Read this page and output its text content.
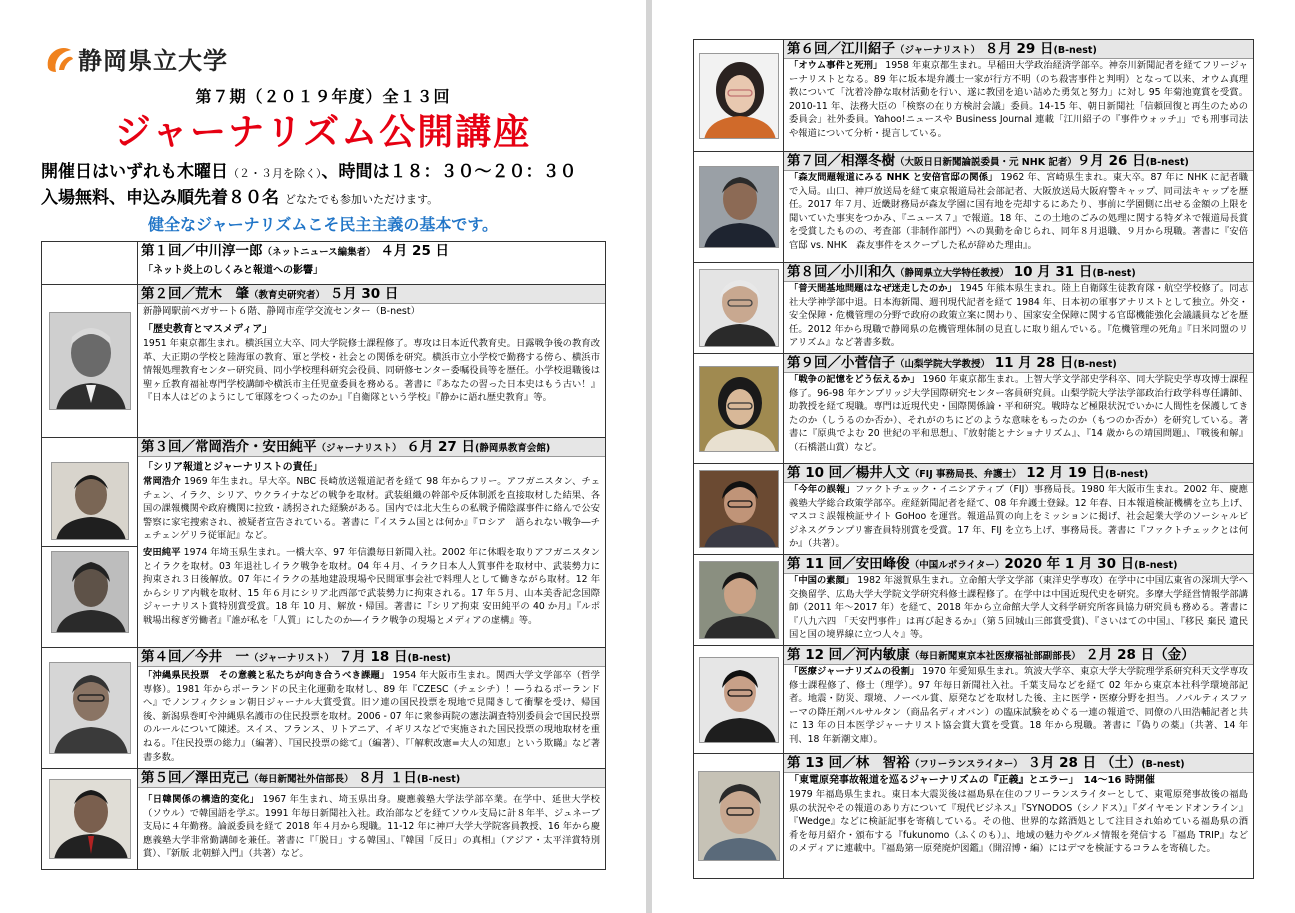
静岡県立大学
第７期（２０１９年度）全１３回
ジャーナリズム公開講座
開催日はいずれも木曜日（２・３月を除く）、時間は１８：３０～２０：３０
入場無料、申込み順先着８０名 どなたでも参加いただけます。
健全なジャーナリズムこそ民主主義の基本です。

	第１回／中川淳一郎（ネットニュース編集者） ４月 25 日
「ネット炎上のしくみと報道への影響」

第２回／荒木　肇（教育史研究者） ５月 30 日
新静岡駅前ペガサート６階、静岡市産学交流センター（B-nest）
「歴史教育とマスメディア」
1951 年東京都生まれ。横浜国立大卒、同大学院修士課程修了。専攻は日本近代教育史。日露戦争後の教育改革、大正期の学校と陸海軍の教育、軍と学校・社会との関係を研究。横浜市立小学校で勤務する傍ら、横浜市情報処理教育センター研究員、同小学校理科研究会役員、同研修センター委嘱役員等を歴任。小学校退職後は聖ヶ丘教育福祉専門学校講師や横浜市主任児童委員を務める。著書に『あなたの習った日本史はもう古い！』『日本人はどのようにして軍隊をつくったのか』『自衛隊という学校』『静かに語れ歴史教育』等。

第３回／常岡浩介・安田純平（ジャーナリスト） ６月 27 日(静岡県教育会館)
「シリア報道とジャーナリストの責任」
常岡浩介 1969 年生まれ。早大卒。NBC 長崎放送報道記者を経て 98 年からフリー。アフガニスタン、チェチェン、イラク、シリア、ウクライナなどの戦争を取材。武装組織の幹部や反体制派を直接取材した結果、各国の課報機関や政府機関に拉致・誘拐された経験がある。国内では北大生らの私戦予備陰謀事件に絡んで公安警察に家宅捜索され、被疑者宣告されている。著書に『イスラム国とは何か』『ロシア　語られない戦争―チェチェンゲリラ従軍記』など。
安田純平 1974 年埼玉県生まれ。一橋大卒、97 年信濃毎日新聞入社。2002 年に休暇を取りアフガニスタンとイラクを取材。03 年退社しイラク戦争を取材。04 年４月、イラク日本人人質事件を取材中、武装勢力に拘束され３日後解放。07 年にイラクの基地建設現場や民間軍事会社で料理人として働きながら取材。12 年からシリア内戦を取材、15 年６月にシリア北西部で武装勢力に拘束される。17 年５月、山本美香記念国際ジャーナリスト賞特別賞受賞。18 年 10 月、解放・帰国。著書に『シリア拘束 安田純平の 40 か月』『ルポ 戦場出稼ぎ労働者』『誰が私を「人質」にしたのか―イラク戦争の現場とメディアの虚構』等。

第４回／今井　一（ジャーナリスト） ７月 18 日(B-nest)
「沖縄県民投票　その意義と私たちが向き合うべき課題」 1954 年大阪市生まれ。関西大学文学部卒（哲学専修）。1981 年からポーランドの民主化運動を取材し、89 年『CZESC（チェシチ）！―うねるポーランドへ』でノンフィクション朝日ジャーナル大賞受賞。旧ソ連の国民投票を現地で見聞きして衝撃を受け、帰国後、新潟県巻町や沖縄県名護市の住民投票を取材。2006 - 07 年に衆参両院の憲法調査特別委員会で国民投票のルールについて陳述。スイス、フランス、リトアニア、イギリスなどで実施された国民投票の現地取材を重ねる。『住民投票の総力』（編著）、『国民投票の総て』（編著）、『「解釈改憲=大人の知恵」という欺瞞』など著書多数。

第５回／澤田克己（毎日新聞社外信部長） ８月 １日(B-nest)
「日韓関係の構造的変化」 1967 年生まれ、埼玉県出身。慶應義塾大学法学部卒業。在学中、延世大学校（ソウル）で韓国語を学ぶ。1991 年毎日新聞社入社。政治部などを経てソウル支局に計８年半、ジュネーブ支局に４年勤務。論説委員を経て 2018 年４月から現職。11-12 年に神戸大学大学院客員教授、16 年から慶應義塾大学非常勤講師を兼任。著書に『「脱日」する韓国』、『韓国「反日」の真相』（アジア・太平洋賞特別賞）、『新版 北朝鮮入門』（共著）など。

第６回／江川紹子（ジャーナリスト） ８月 29 日(B-nest)
「オウム事件と死刑」 1958 年東京都生まれ。早稲田大学政治経済学部卒。神奈川新聞記者を経てフリージャーナリストとなる。89 年に坂本堤弁護士一家が行方不明（のち殺害事件と判明）となって以来、オウム真理教について「沈着冷静な取材活動を行い、遂に教団を追い詰めた勇気と努力」に対し 95 年菊池寛賞を受賞。2010-11 年、法務大臣の「検察の在り方検討会議」委員。14-15 年、朝日新聞社「信頼回復と再生のための委員会」社外委員。Yahoo!ニュースや Business Journal 連載「江川紹子の『事件ウォッチ』」でも刑事司法や報道について分析・提言している。

第７回／相澤冬樹（大阪日日新聞論説委員・元 NHK 記者）９月 26 日(B-nest)
「森友問題報道にみる NHK と安倍官邸の関係」 1962 年、宮崎県生まれ。東大卒。87 年に NHK に記者職で入局。山口、神戸放送局を経て東京報道局社会部記者、大阪放送局大阪府警キャップ、同司法キャップを歴任。2017 年７月、近畿財務局が森友学園に国有地を売却するにあたり、事前に学園側に出せる金額の上限を聞いていた事実をつかみ、『ニュース７』で報道。18 年、この土地のごみの処理に関する特ダネで報道局長賞を受賞したものの、考査部（非制作部門）への異動を命じられ、同年８月退職、９月から現職。著書に『安倍官邸 vs. NHK　森友事件をスクープした私が辞めた理由』。

第８回／小川和久（静岡県立大学特任教授） 10 月 31 日(B-nest)
「普天間基地問題はなぜ迷走したのか」 1945 年熊本県生まれ。陸上自衛隊生徒教育隊・航空学校修了。同志社大学神学部中退。日本海新聞、週刊現代記者を経て 1984 年、日本初の軍事アナリストとして独立。外交・安全保障・危機管理の分野で政府の政策立案に関わり、国家安全保障に関する官邸機能強化会議議員などを歴任。2012 年から現職で静岡県の危機管理体制の見直しに取り組んでいる。『危機管理の死角』『日米同盟のリアリズム』など著書多数。

第９回／小菅信子（山梨学院大学教授） 11 月 28 日(B-nest)
「戦争の記憶をどう伝えるか」 1960 年東京都生まれ。上智大学文学部史学科卒、同大学院史学専攻博士課程修了。96-98 年ケンブリッジ大学国際研究センター客員研究員。山梨学院大学法学部政治行政学科専任講師、助教授を経て現職。専門は近現代史・国際関係論・平和研究。戦時など極限状況でいかに人間性を保護してきたのか（しうるのか否か）、それがのちにどのような意味をもったのか（もつのか否か）を研究している。著書に『原典でよむ 20 世紀の平和思想』、『放射能とナショナリズム』、『14 歳からの靖国問題』、『戦後和解』（石橋湛山賞）など。

第 10 回／楊井人文（FIJ 事務局長、弁護士） 12 月 19 日(B-nest)
「今年の誤報」ファクトチェック・イニシアティブ（FIJ）事務局長。1980 年大阪市生まれ。2002 年、慶應義塾大学総合政策学部卒。産経新聞記者を経て、08 年弁護士登録。12 年春、日本報道検証機構を立ち上げ、マスコミ誤報検証サイト GoHoo を運営。報道品質の向上をミッションに掲げ、社会起業大学のソーシャルビジネスグランプリ審査員特別賞を受賞。17 年、FIJ を立ち上げ、事務局長。著書に『ファクトチェックとは何か』（共著）。

第 11 回／安田峰俊（中国ルポライター）2020 年 1 月 30 日(B-nest)
「中国の素顔」 1982 年滋賀県生まれ。立命館大学文学部（東洋史学専攻）在学中に中国広東省の深圳大学へ交換留学、広島大学大学院文学研究科修士課程修了。在学中は中国近現代史を研究。多摩大学経営情報学部講師（2011 年～2017 年）を経て、2018 年から立命館大学人文科学研究所客員協力研究員も務める。著書に『八九六四 「天安門事件」は再び起きるか』（第５回城山三郎賞受賞)、『さいはての中国』、『移民 棄民 遺民 国と国の境界線に立つ人々』等。

第 12 回／河内敏康（毎日新聞東京本社医療福祉部副部長） ２月 28 日（金）
「医療ジャーナリズムの役割」 1970 年愛知県生まれ。筑波大学卒、東京大学大学院理学系研究科天文学専攻修士課程修了、修士（理学）。97 年毎日新聞社入社。千葉支局などを経て 02 年から東京本社科学環境部記者。地震・防災、環境、ノーベル賞、原発などを取材した後、主に医学・医療分野を担当。ノバルティスファーマの降圧剤バルサルタン（商品名ディオバン）の臨床試験をめぐる一連の報道で、同僚の八田浩輔記者と共に 13 年の日本医学ジャーナリスト協会賞大賞を受賞。18 年から現職。著書に『偽りの薬』（共著、14 年刊、18 年新潮文庫）。

第 13 回／林　智裕（フリーランスライター） ３月 28 日 （土）(B-nest)
「東電原発事故報道を巡るジャーナリズムの『正義』とエラー」　 14～16 時開催
1979 年福島県生まれ。東日本大震災後は福島県在住のフリーランスライターとして、東電原発事故後の福島県の状況やその報道のあり方について『現代ビジネス』『SYNODOS（シノドス）』『ダイヤモンドオンライン』『Wedge』などに検証記事を寄稿している。その他、世界的な銘酒処として注目され始めている福島県の酒肴を毎月紹介・頒布する『fukunomo（ふくのも）』、地域の魅力やグルメ情報を発信する『福島 TRIP』などのメディアに連載中。『福島第一原発廃炉図鑑』（開沼博・編）にはデマを検証するコラムを寄稿した。
